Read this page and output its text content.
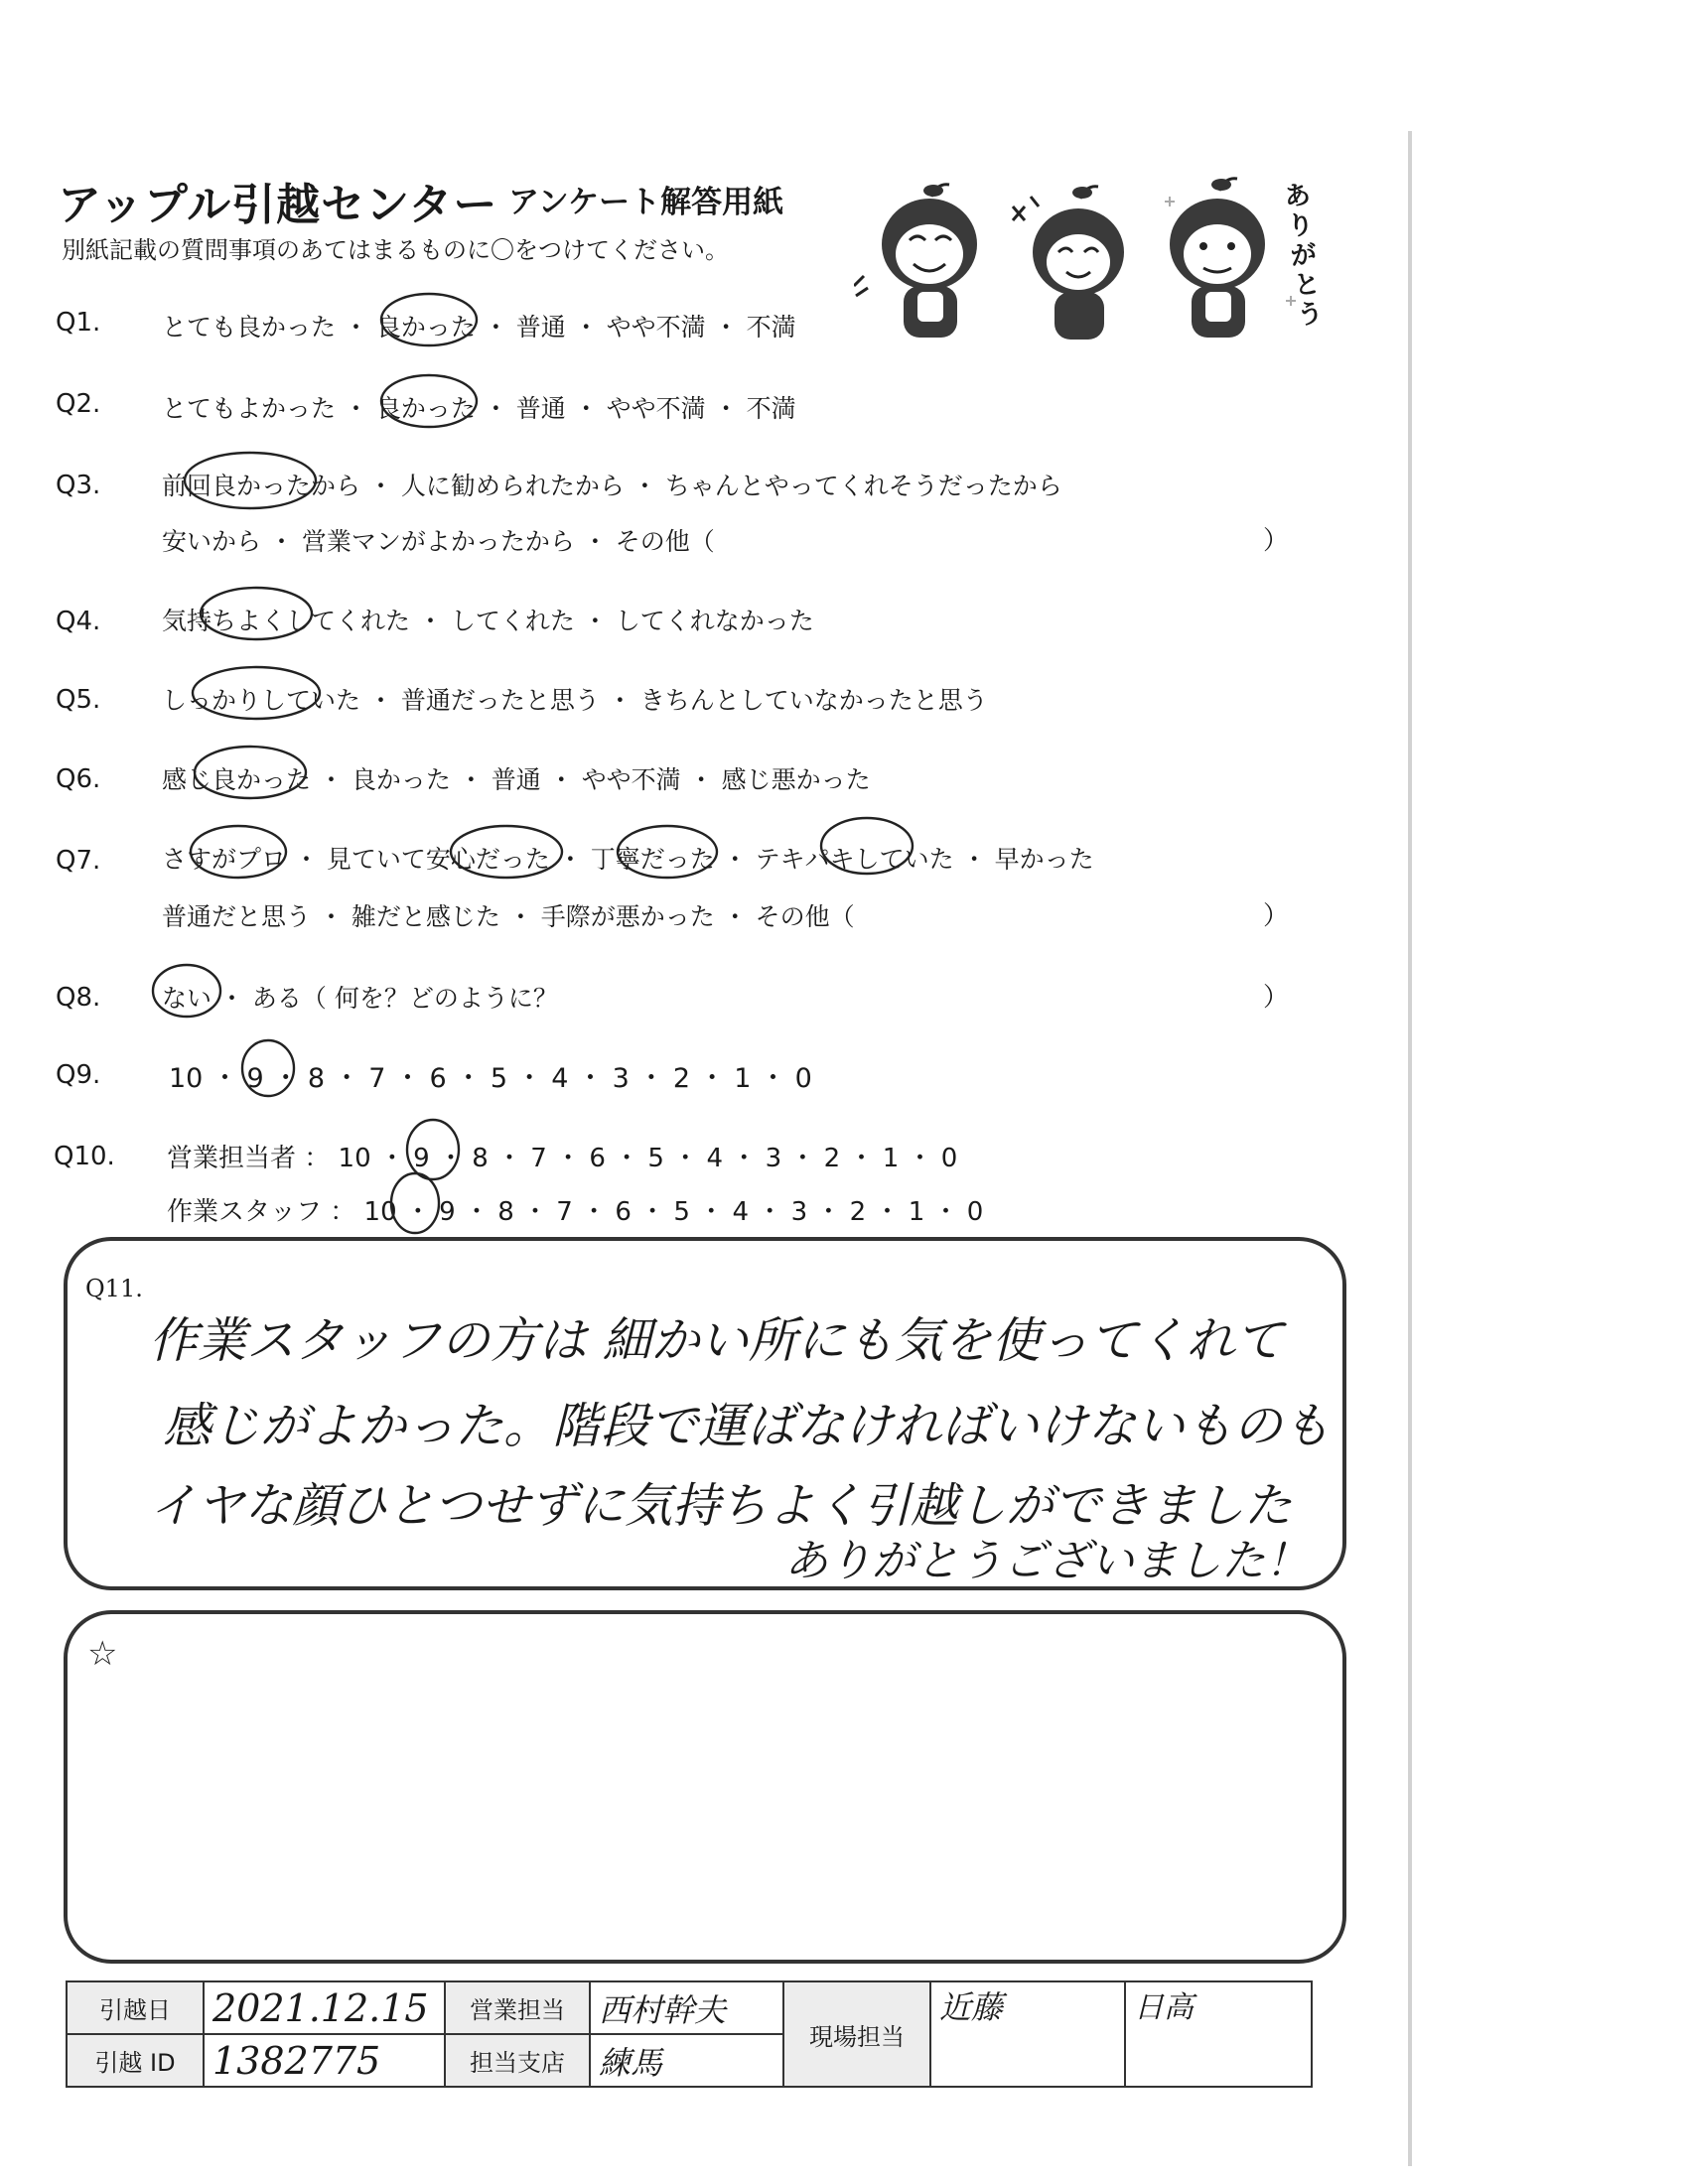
アップル引越センター アンケート解答用紙
別紙記載の質問事項のあてはまるものに〇をつけてください。
ありがとう
Q1. とても良かった ・ 良かった ・ 普通 ・ やや不満 ・ 不満
Q2. とてもよかった ・ 良かった ・ 普通 ・ やや不満 ・ 不満
Q3. 前回良かったから ・ 人に勧められたから ・ ちゃんとやってくれそうだったから
安いから ・ 営業マンがよかったから ・ その他（	）
Q4. 気持ちよくしてくれた ・ してくれた ・ してくれなかった
Q5. しっかりしていた ・ 普通だったと思う ・ きちんとしていなかったと思う
Q6. 感じ良かった ・ 良かった ・ 普通 ・ やや不満 ・ 感じ悪かった
Q7. さすがプロ ・ 見ていて安心だった ・ 丁寧だった ・ テキパキしていた ・ 早かった
普通だと思う ・ 雑だと感じた ・ 手際が悪かった ・ その他（	）
Q8. ない ・ ある（ 何を？どのように？	）
Q9.	10 ・ 9 ・ 8 ・ 7 ・ 6 ・ 5 ・ 4 ・ 3 ・ 2 ・ 1 ・ 0
Q10. 営業担当者 ： 10 ・ 9 ・ 8 ・ 7 ・ 6 ・ 5 ・ 4 ・ 3 ・ 2 ・ 1 ・ 0
作業スタッフ ： 10 ・ 9 ・ 8 ・ 7 ・ 6 ・ 5 ・ 4 ・ 3 ・ 2 ・ 1 ・ 0
Q11.
作業スタッフの方は 細かい所にも気を使ってくれて
感じがよかった。階段で運ばなければいけないものも
イヤな顔ひとつせずに気持ちよく引越しができました
ありがとうございました！
☆
引越日	2021.12.15	営業担当	西村幹夫	現場担当	近藤	日高
引越 ID	1382775	担当支店	練馬			
